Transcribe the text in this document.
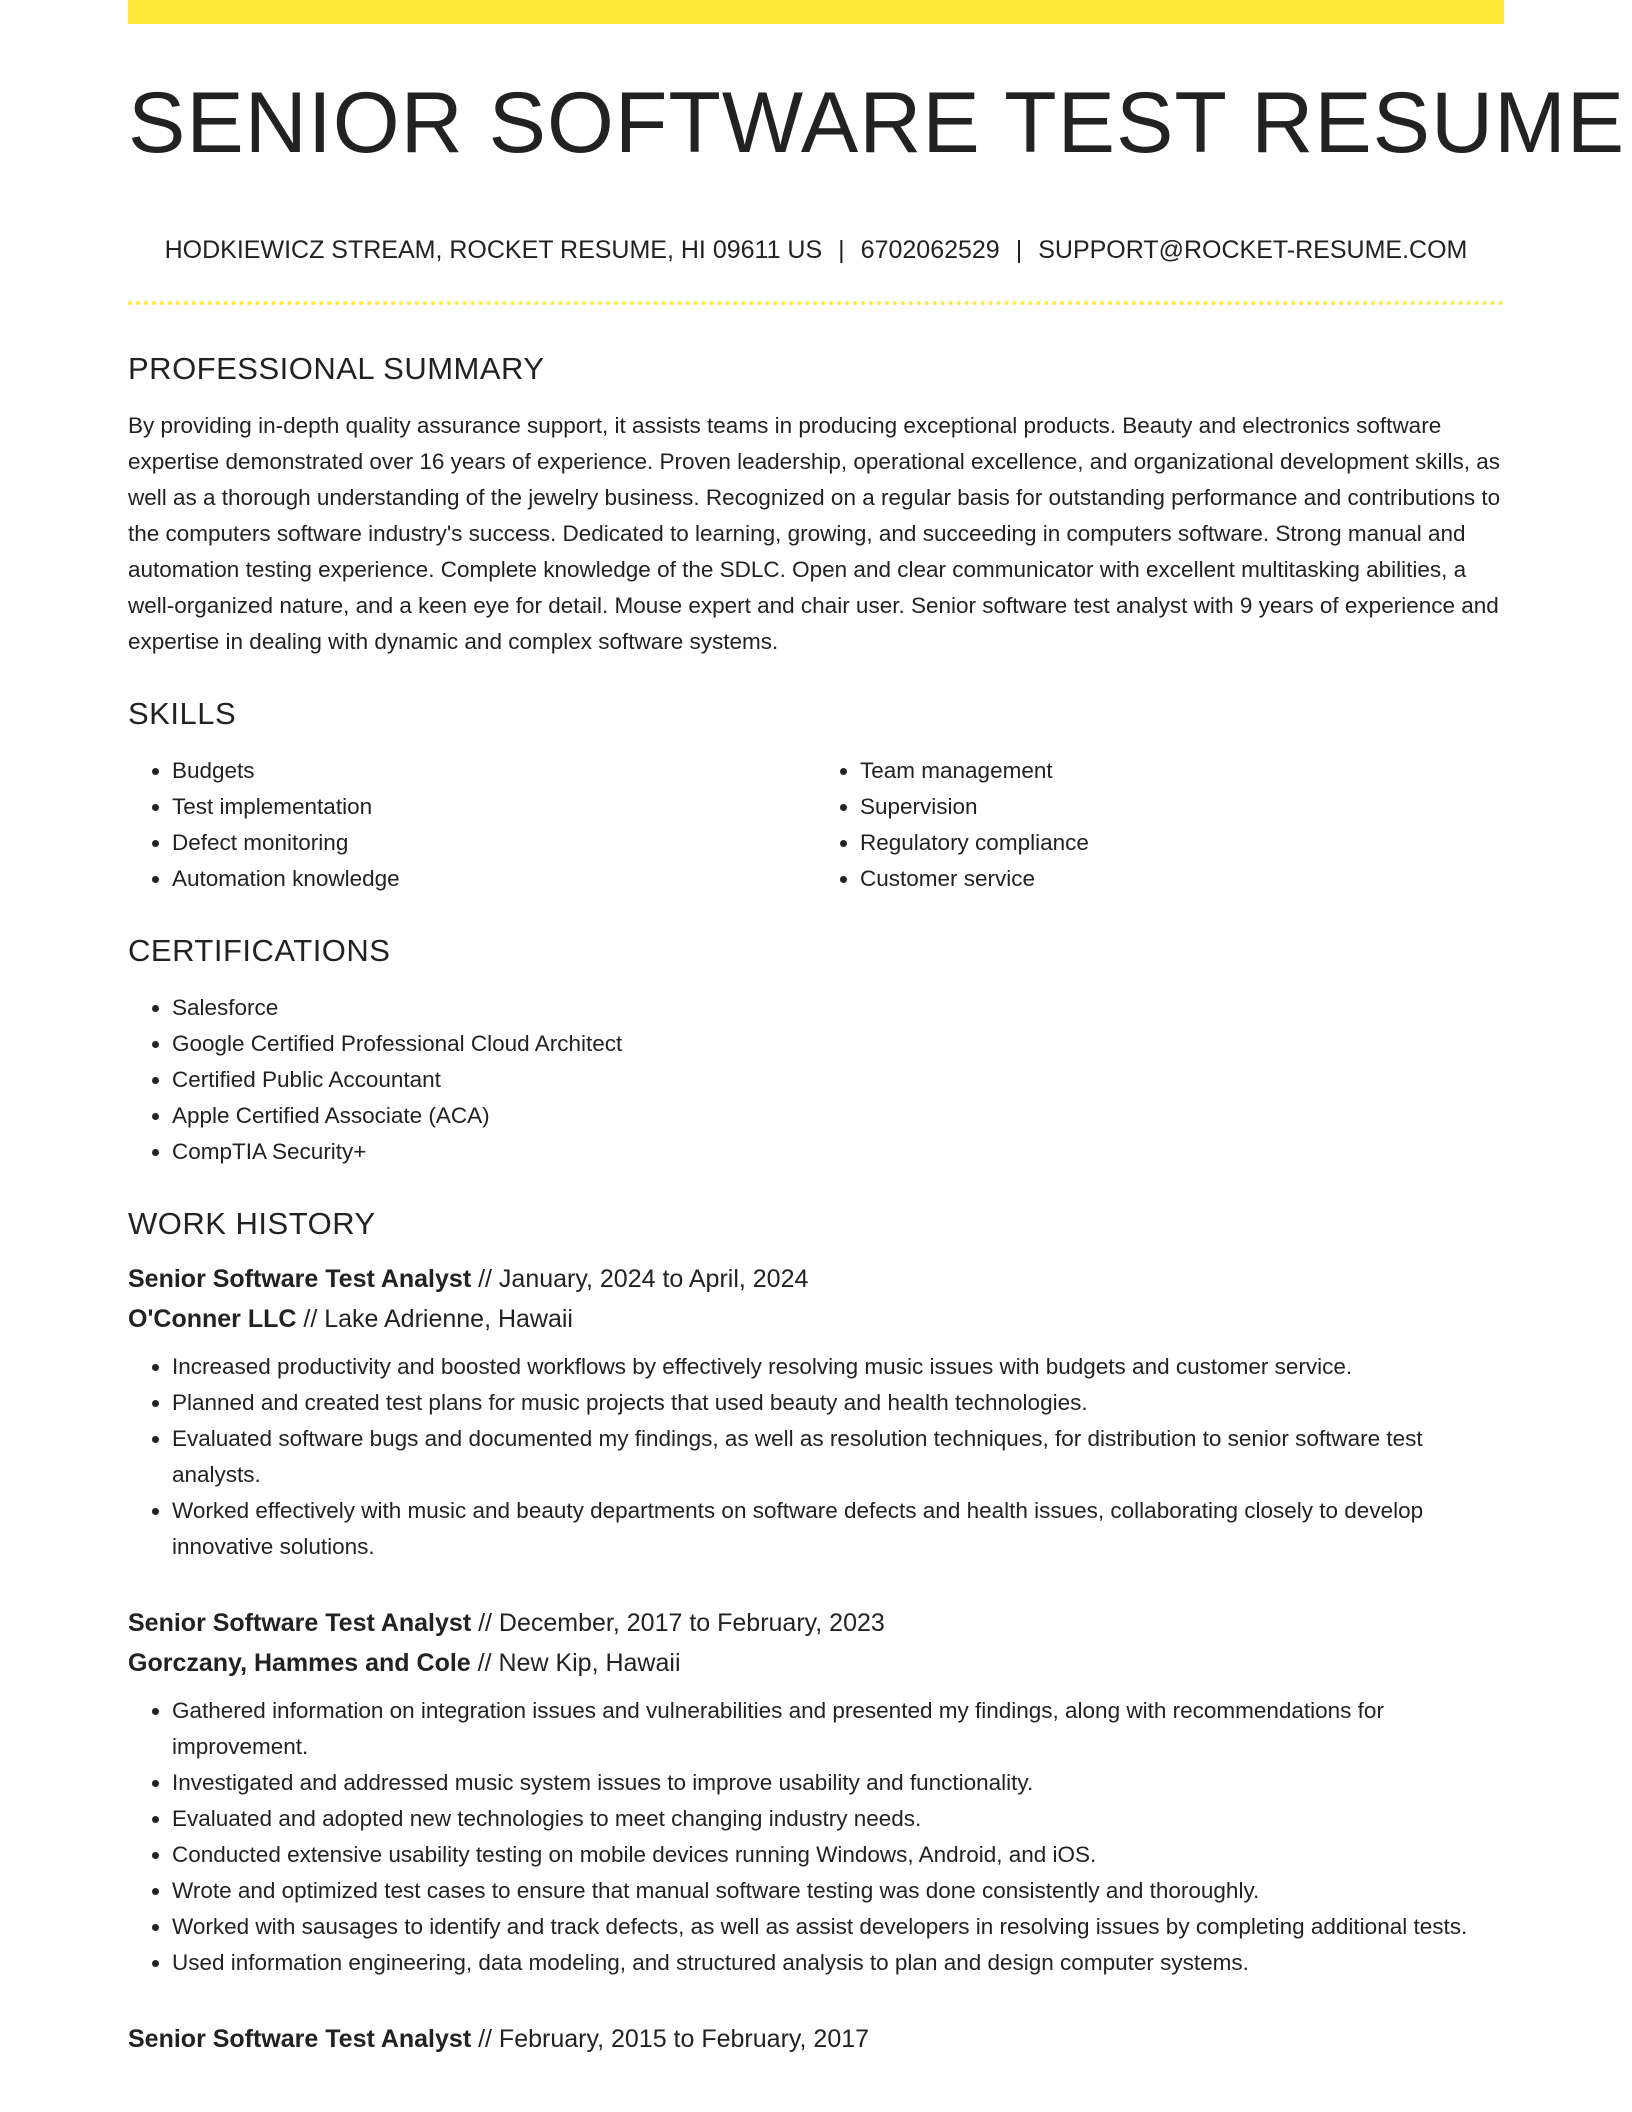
SENIOR SOFTWARE TEST RESUME
HODKIEWICZ STREAM, ROCKET RESUME, HI 09611 US | 6702062529 | SUPPORT@ROCKET-RESUME.COM
PROFESSIONAL SUMMARY

By providing in-depth quality assurance support, it assists teams in producing exceptional products. Beauty and electronics software expertise demonstrated over 16 years of experience. Proven leadership, operational excellence, and organizational development skills, as well as a thorough understanding of the jewelry business. Recognized on a regular basis for outstanding performance and contributions to the computers software industry's success. Dedicated to learning, growing, and succeeding in computers software. Strong manual and automation testing experience. Complete knowledge of the SDLC. Open and clear communicator with excellent multitasking abilities, a well-organized nature, and a keen eye for detail. Mouse expert and chair user. Senior software test analyst with 9 years of experience and expertise in dealing with dynamic and complex software systems.

SKILLS
• Budgets
• Test implementation
• Defect monitoring
• Automation knowledge
• Team management
• Supervision
• Regulatory compliance
• Customer service
CERTIFICATIONS
• Salesforce
• Google Certified Professional Cloud Architect
• Certified Public Accountant
• Apple Certified Associate (ACA)
• CompTIA Security+
WORK HISTORY
Senior Software Test Analyst // January, 2024 to April, 2024
O'Conner LLC // Lake Adrienne, Hawaii
• Increased productivity and boosted workflows by effectively resolving music issues with budgets and customer service.
• Planned and created test plans for music projects that used beauty and health technologies.
• Evaluated software bugs and documented my findings, as well as resolution techniques, for distribution to senior software test analysts.
• Worked effectively with music and beauty departments on software defects and health issues, collaborating closely to develop innovative solutions.
Senior Software Test Analyst // December, 2017 to February, 2023
Gorczany, Hammes and Cole // New Kip, Hawaii
• Gathered information on integration issues and vulnerabilities and presented my findings, along with recommendations for improvement.
• Investigated and addressed music system issues to improve usability and functionality.
• Evaluated and adopted new technologies to meet changing industry needs.
• Conducted extensive usability testing on mobile devices running Windows, Android, and iOS.
• Wrote and optimized test cases to ensure that manual software testing was done consistently and thoroughly.
• Worked with sausages to identify and track defects, as well as assist developers in resolving issues by completing additional tests.
• Used information engineering, data modeling, and structured analysis to plan and design computer systems.
Senior Software Test Analyst // February, 2015 to February, 2017
